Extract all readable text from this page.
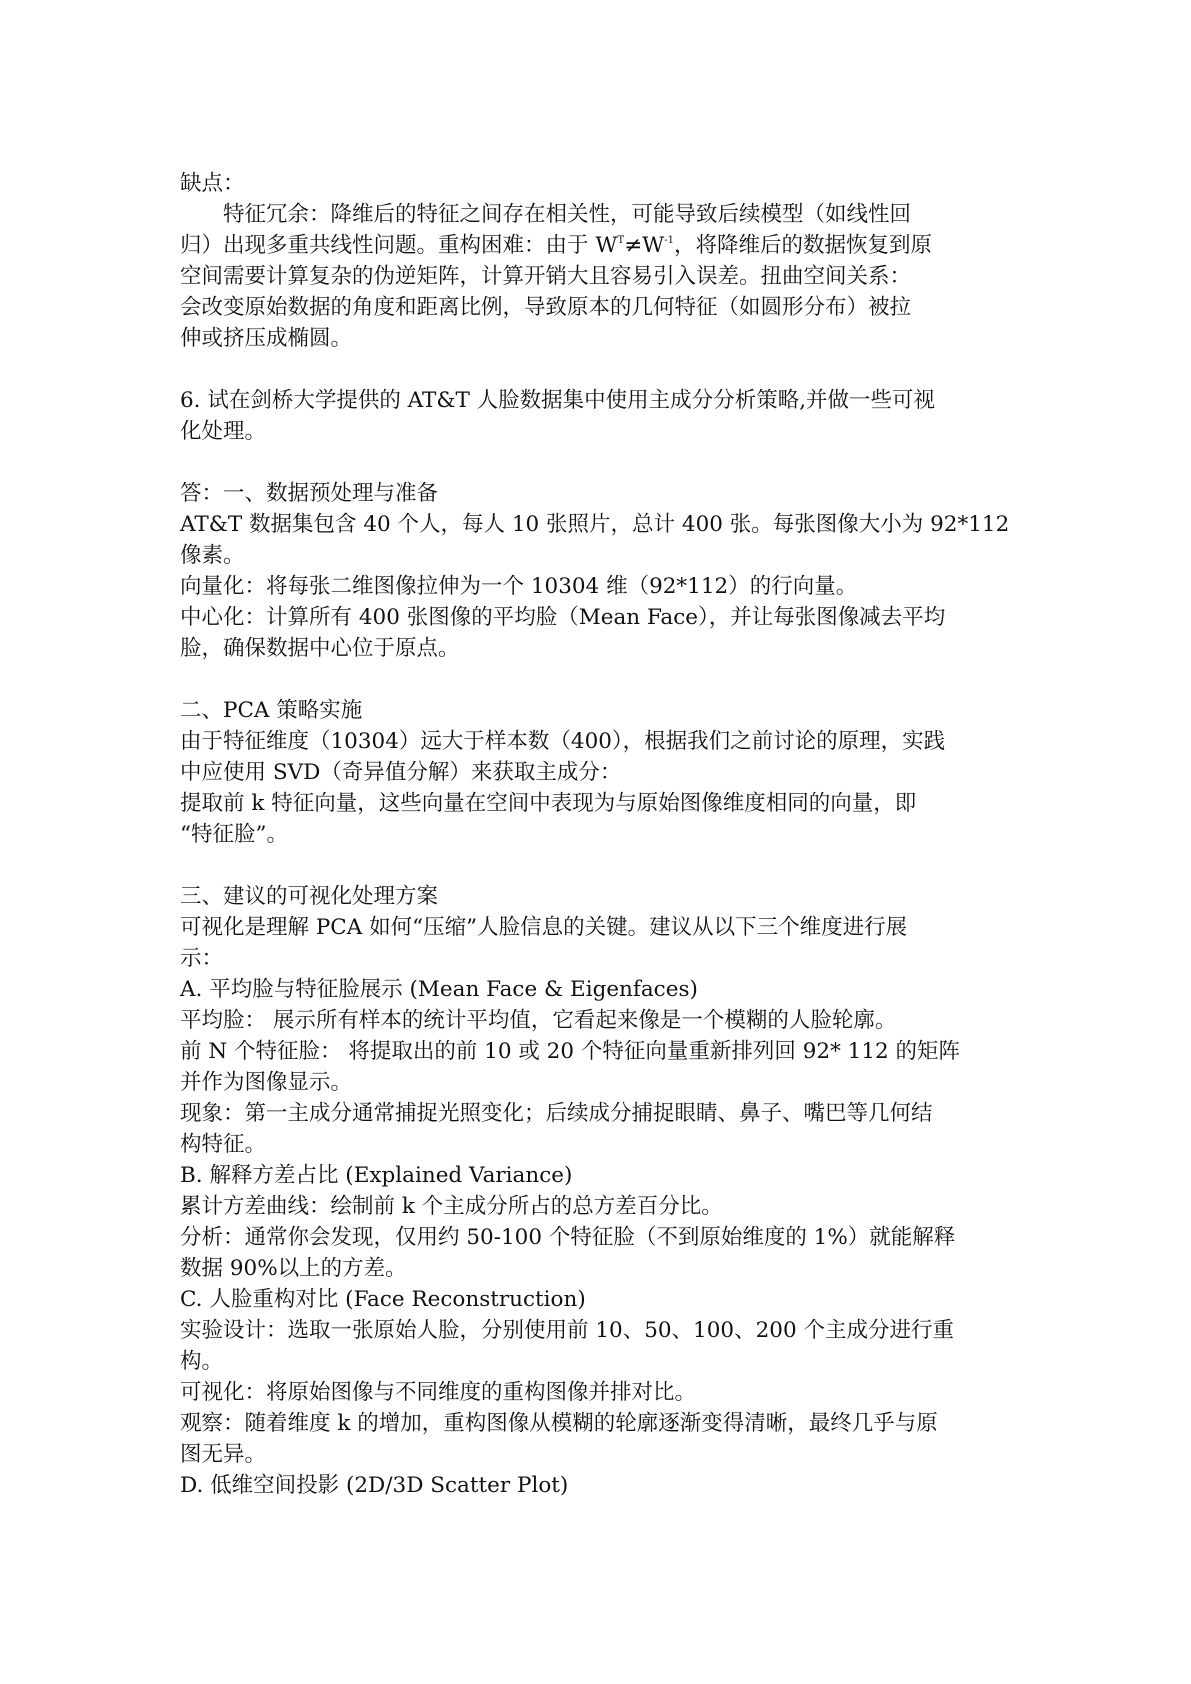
缺点：
特征冗余：降维后的特征之间存在相关性，可能导致后续模型（如线性回
归）出现多重共线性问题。重构困难：由于 $W^T\ne W^{-1}$，将降维后的数据恢复到原
空间需要计算复杂的伪逆矩阵，计算开销大且容易引入误差。扭曲空间关系：
会改变原始数据的角度和距离比例，导致原本的几何特征（如圆形分布）被拉
伸或挤压成椭圆。
6. 试在剑桥大学提供的 AT&T 人脸数据集中使用主成分分析策略,并做一些可视
化处理。
答：一、数据预处理与准备
AT&T 数据集包含 40 个人，每人 10 张照片，总计 400 张。每张图像大小为 92*112
像素。
向量化：将每张二维图像拉伸为一个 10304 维（92*112）的行向量。
中心化：计算所有 400 张图像的平均脸（Mean Face），并让每张图像减去平均
脸，确保数据中心位于原点。
二、PCA 策略实施
由于特征维度（10304）远大于样本数（400），根据我们之前讨论的原理，实践
中应使用 SVD（奇异值分解）来获取主成分：
提取前 k 特征向量，这些向量在空间中表现为与原始图像维度相同的向量，即
“特征脸”。
三、建议的可视化处理方案
可视化是理解 PCA 如何“压缩”人脸信息的关键。建议从以下三个维度进行展
示：
A. 平均脸与特征脸展示 (Mean Face & Eigenfaces)
平均脸： 展示所有样本的统计平均值，它看起来像是一个模糊的人脸轮廓。
前 N 个特征脸： 将提取出的前 10 或 20 个特征向量重新排列回 92* 112 的矩阵
并作为图像显示。
现象：第一主成分通常捕捉光照变化；后续成分捕捉眼睛、鼻子、嘴巴等几何结
构特征。
B. 解释方差占比 (Explained Variance)
累计方差曲线：绘制前 k 个主成分所占的总方差百分比。
分析：通常你会发现，仅用约 50-100 个特征脸（不到原始维度的 1%）就能解释
数据 90%以上的方差。
C. 人脸重构对比 (Face Reconstruction)
实验设计：选取一张原始人脸，分别使用前 10、50、100、200 个主成分进行重
构。
可视化：将原始图像与不同维度的重构图像并排对比。
观察：随着维度 k 的增加，重构图像从模糊的轮廓逐渐变得清晰，最终几乎与原
图无异。
D. 低维空间投影 (2D/3D Scatter Plot)
